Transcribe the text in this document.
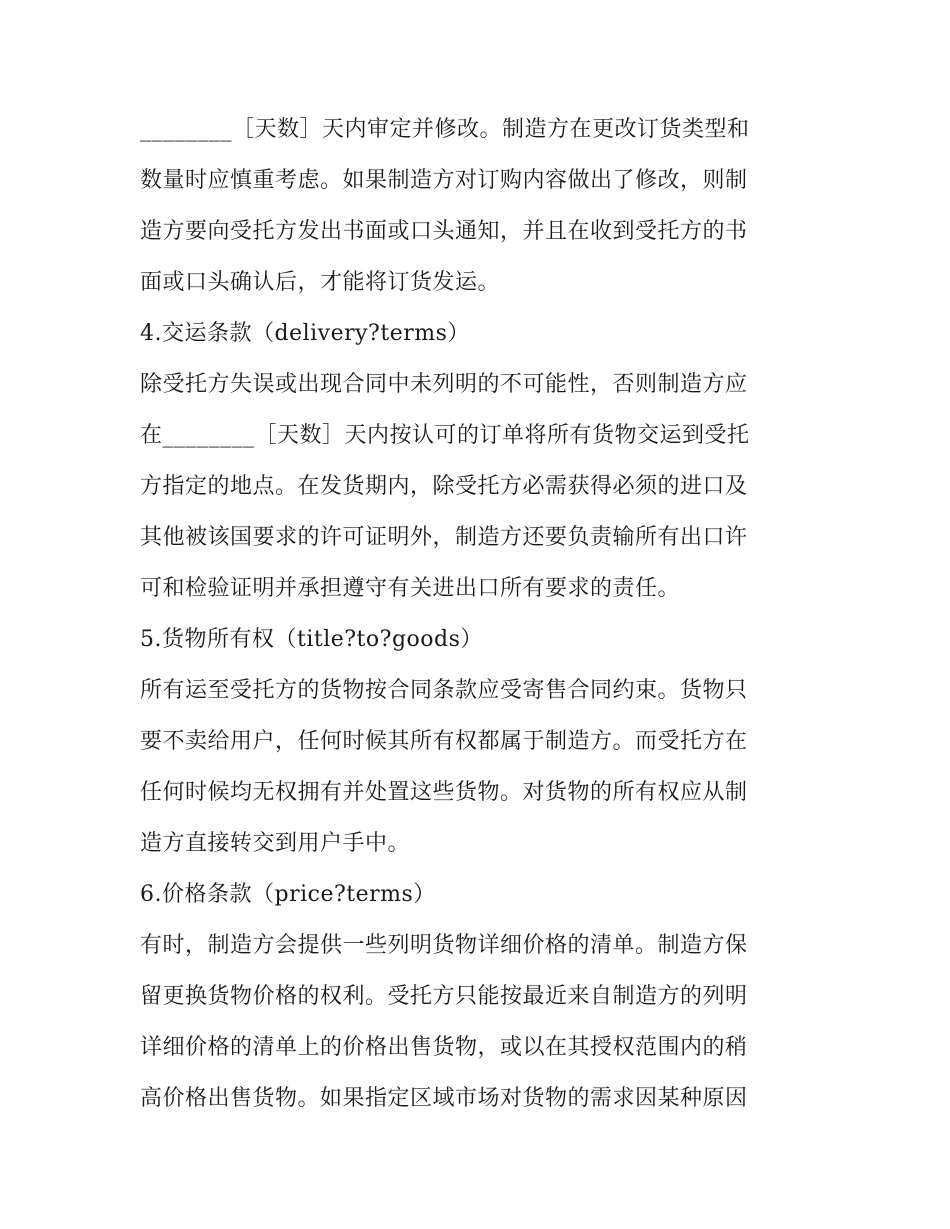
________［天数］天内审定并修改。制造方在更改订货类型和
数量时应慎重考虑。如果制造方对订购内容做出了修改，则制
造方要向受托方发出书面或口头通知，并且在收到受托方的书
面或口头确认后，才能将订货发运。
4.交运条款（delivery?terms）
除受托方失误或出现合同中未列明的不可能性，否则制造方应
在________［天数］天内按认可的订单将所有货物交运到受托
方指定的地点。在发货期内，除受托方必需获得必须的进口及
其他被该国要求的许可证明外，制造方还要负责输所有出口许
可和检验证明并承担遵守有关进出口所有要求的责任。
5.货物所有权（title?to?goods）
所有运至受托方的货物按合同条款应受寄售合同约束。货物只
要不卖给用户，任何时候其所有权都属于制造方。而受托方在
任何时候均无权拥有并处置这些货物。对货物的所有权应从制
造方直接转交到用户手中。
6.价格条款（price?terms）
有时，制造方会提供一些列明货物详细价格的清单。制造方保
留更换货物价格的权利。受托方只能按最近来自制造方的列明
详细价格的清单上的价格出售货物，或以在其授权范围内的稍
高价格出售货物。如果指定区域市场对货物的需求因某种原因
